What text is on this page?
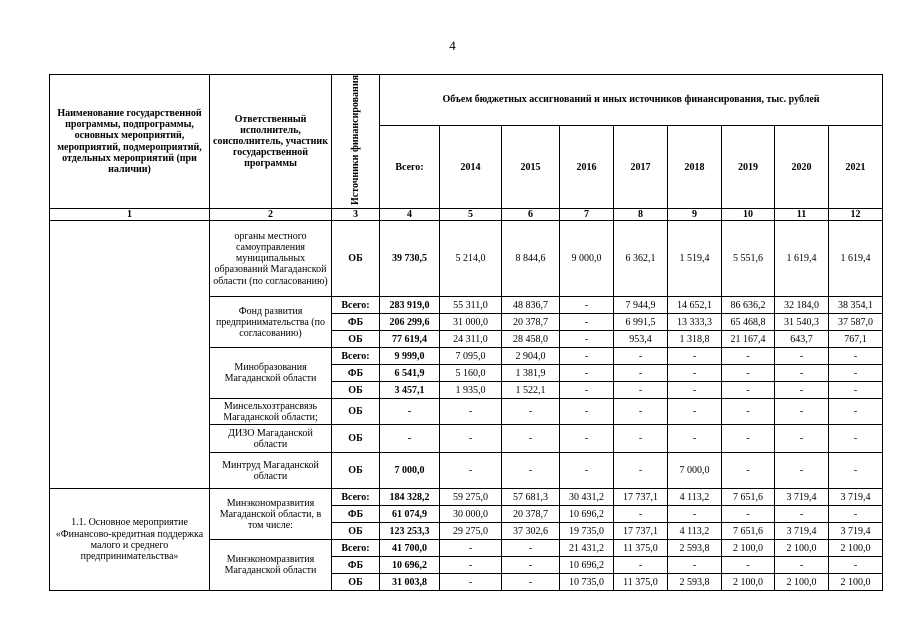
4
Наименование государственной программы, подпрограммы, основных мероприятий, мероприятий, подмероприятий, отдельных мероприятий (при наличии)	Ответственный исполнитель, соисполнитель, участник государственной программы	Источники финансирования	Объем бюджетных ассигнований и иных источников финансирования, тыс. рублей								
			Всего:	2014	2015	2016	2017	2018	2019	2020	2021
1	2	3	4	5	6	7	8	9	10	11	12
	органы местного самоуправления муниципальных образований Магаданской области (по согласованию)	ОБ	39 730,5	5 214,0	8 844,6	9 000,0	6 362,1	1 519,4	5 551,6	1 619,4	1 619,4
	Фонд развития предпринимательства (по согласованию)	Всего:	283 919,0	55 311,0	48 836,7	-	7 944,9	14 652,1	86 636,2	32 184,0	38 354,1
		ФБ	206 299,6	31 000,0	20 378,7	-	6 991,5	13 333,3	65 468,8	31 540,3	37 587,0
		ОБ	77 619,4	24 311,0	28 458,0	-	953,4	1 318,8	21 167,4	643,7	767,1
	Минобразования Магаданской области	Всего:	9 999,0	7 095,0	2 904,0	-	-	-	-	-	-
		ФБ	6 541,9	5 160,0	1 381,9	-	-	-	-	-	-
		ОБ	3 457,1	1 935,0	1 522,1	-	-	-	-	-	-
	Минсельхозтрансвязь Магаданской области;	ОБ	-	-	-	-	-	-	-	-	-
	ДИЗО Магаданской области	ОБ	-	-	-	-	-	-	-	-	-
	Минтруд Магаданской области	ОБ	7 000,0	-	-	-	-	7 000,0	-	-	-
1.1. Основное мероприятие «Финансово-кредитная поддержка малого и среднего предпринимательства»	Минэкономразвития Магаданской области, в том числе:	Всего:	184 328,2	59 275,0	57 681,3	30 431,2	17 737,1	4 113,2	7 651,6	3 719,4	3 719,4
		ФБ	61 074,9	30 000,0	20 378,7	10 696,2	-	-	-	-	-
		ОБ	123 253,3	29 275,0	37 302,6	19 735,0	17 737,1	4 113,2	7 651,6	3 719,4	3 719,4
	Минэкономразвития Магаданской области	Всего:	41 700,0	-	-	21 431,2	11 375,0	2 593,8	2 100,0	2 100,0	2 100,0
		ФБ	10 696,2	-	-	10 696,2	-	-	-	-	-
		ОБ	31 003,8	-	-	10 735,0	11 375,0	2 593,8	2 100,0	2 100,0	2 100,0
